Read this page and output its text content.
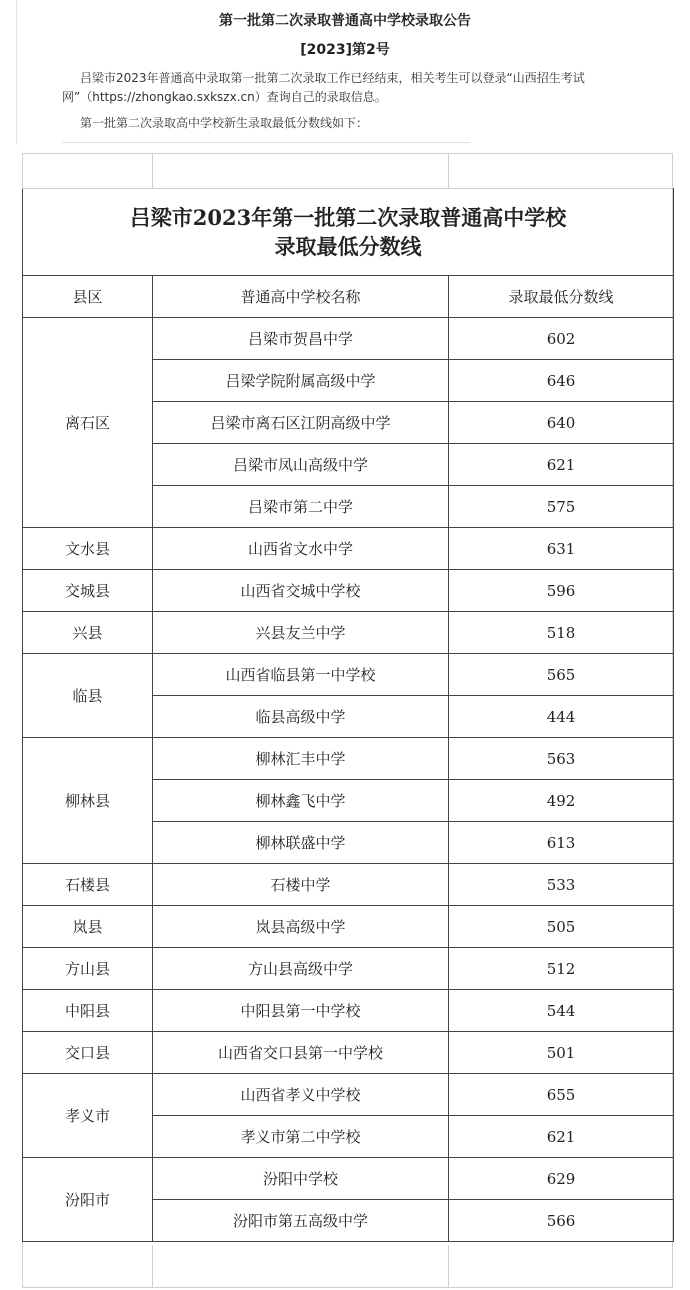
第一批第二次录取普通高中学校录取公告
[2023]第2号
吕梁市2023年普通高中录取第一批第二次录取工作已经结束，相关考生可以登录“山西招生考试网”（https://zhongkao.sxkszx.cn）查询自己的录取信息。
第一批第二次录取高中学校新生录取最低分数线如下：
吕梁市2023年第一批第二次录取普通高中学校
录取最低分数线		

县区	普通高中学校名称	录取最低分数线
离石区	吕梁市贺昌中学	602
	吕梁学院附属高级中学	646
	吕梁市离石区江阴高级中学	640
	吕梁市凤山高级中学	621
	吕梁市第二中学	575
文水县	山西省文水中学	631
交城县	山西省交城中学校	596
兴县	兴县友兰中学	518
临县	山西省临县第一中学校	565
	临县高级中学	444
柳林县	柳林汇丰中学	563
	柳林鑫飞中学	492
	柳林联盛中学	613
石楼县	石楼中学	533
岚县	岚县高级中学	505
方山县	方山县高级中学	512
中阳县	中阳县第一中学校	544
交口县	山西省交口县第一中学校	501
孝义市	山西省孝义中学校	655
	孝义市第二中学校	621
汾阳市	汾阳中学校	629
	汾阳市第五高级中学	566
